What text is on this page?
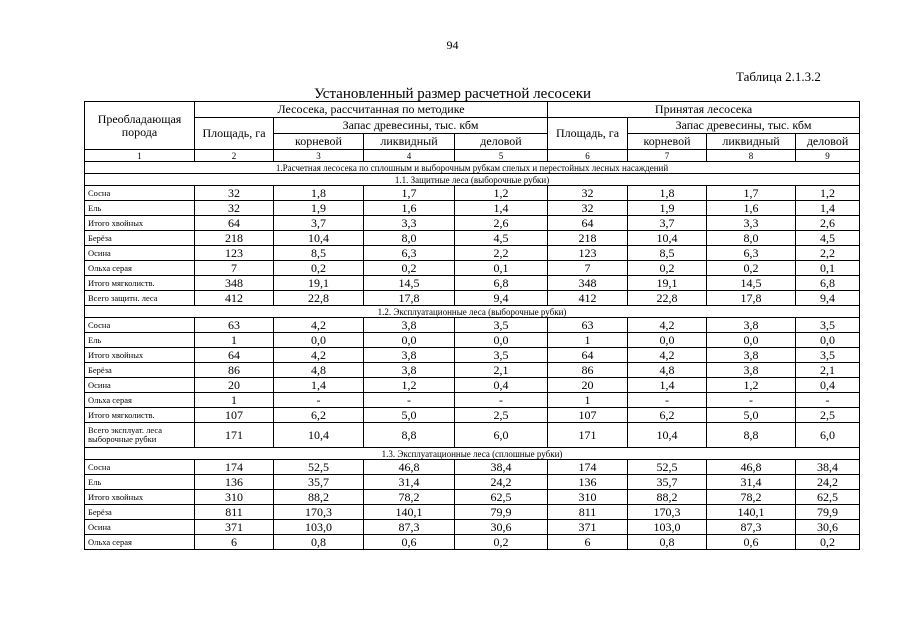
94
Таблица 2.1.3.2
Установленный размер расчетной лесосеки
Преобладающая порода	Лесосека, рассчитанная по методике				Принятая лесосека			
	Площадь, га	Запас древесины, тыс. кбм			Площадь, га	Запас древесины, тыс. кбм		
		корневой	ликвидный	деловой		корневой	ликвидный	деловой
1	2	3	4	5	6	7	8	9
1.Расчетная лесосека по сплошным и выборочным рубкам спелых и перестойных лесных насаждений								
1.1. Защитные леса (выборочные рубки)								
Сосна	32	1,8	1,7	1,2	32	1,8	1,7	1,2
Ель	32	1,9	1,6	1,4	32	1,9	1,6	1,4
Итого хвойных	64	3,7	3,3	2,6	64	3,7	3,3	2,6
Берёза	218	10,4	8,0	4,5	218	10,4	8,0	4,5
Осина	123	8,5	6,3	2,2	123	8,5	6,3	2,2
Ольха серая	7	0,2	0,2	0,1	7	0,2	0,2	0,1
Итого мягколиств.	348	19,1	14,5	6,8	348	19,1	14,5	6,8
Всего защитн. леса	412	22,8	17,8	9,4	412	22,8	17,8	9,4
1.2. Эксплуатационные леса (выборочные рубки)								
Сосна	63	4,2	3,8	3,5	63	4,2	3,8	3,5
Ель	1	0,0	0,0	0,0	1	0,0	0,0	0,0
Итого хвойных	64	4,2	3,8	3,5	64	4,2	3,8	3,5
Берёза	86	4,8	3,8	2,1	86	4,8	3,8	2,1
Осина	20	1,4	1,2	0,4	20	1,4	1,2	0,4
Ольха серая	1	-	-	-	1	-	-	-
Итого мягколиств.	107	6,2	5,0	2,5	107	6,2	5,0	2,5
Всего эксплуат. леса выборочные рубки	171	10,4	8,8	6,0	171	10,4	8,8	6,0
1.3. Эксплуатационные леса (сплошные рубки)								
Сосна	174	52,5	46,8	38,4	174	52,5	46,8	38,4
Ель	136	35,7	31,4	24,2	136	35,7	31,4	24,2
Итого хвойных	310	88,2	78,2	62,5	310	88,2	78,2	62,5
Берёза	811	170,3	140,1	79,9	811	170,3	140,1	79,9
Осина	371	103,0	87,3	30,6	371	103,0	87,3	30,6
Ольха серая	6	0,8	0,6	0,2	6	0,8	0,6	0,2
